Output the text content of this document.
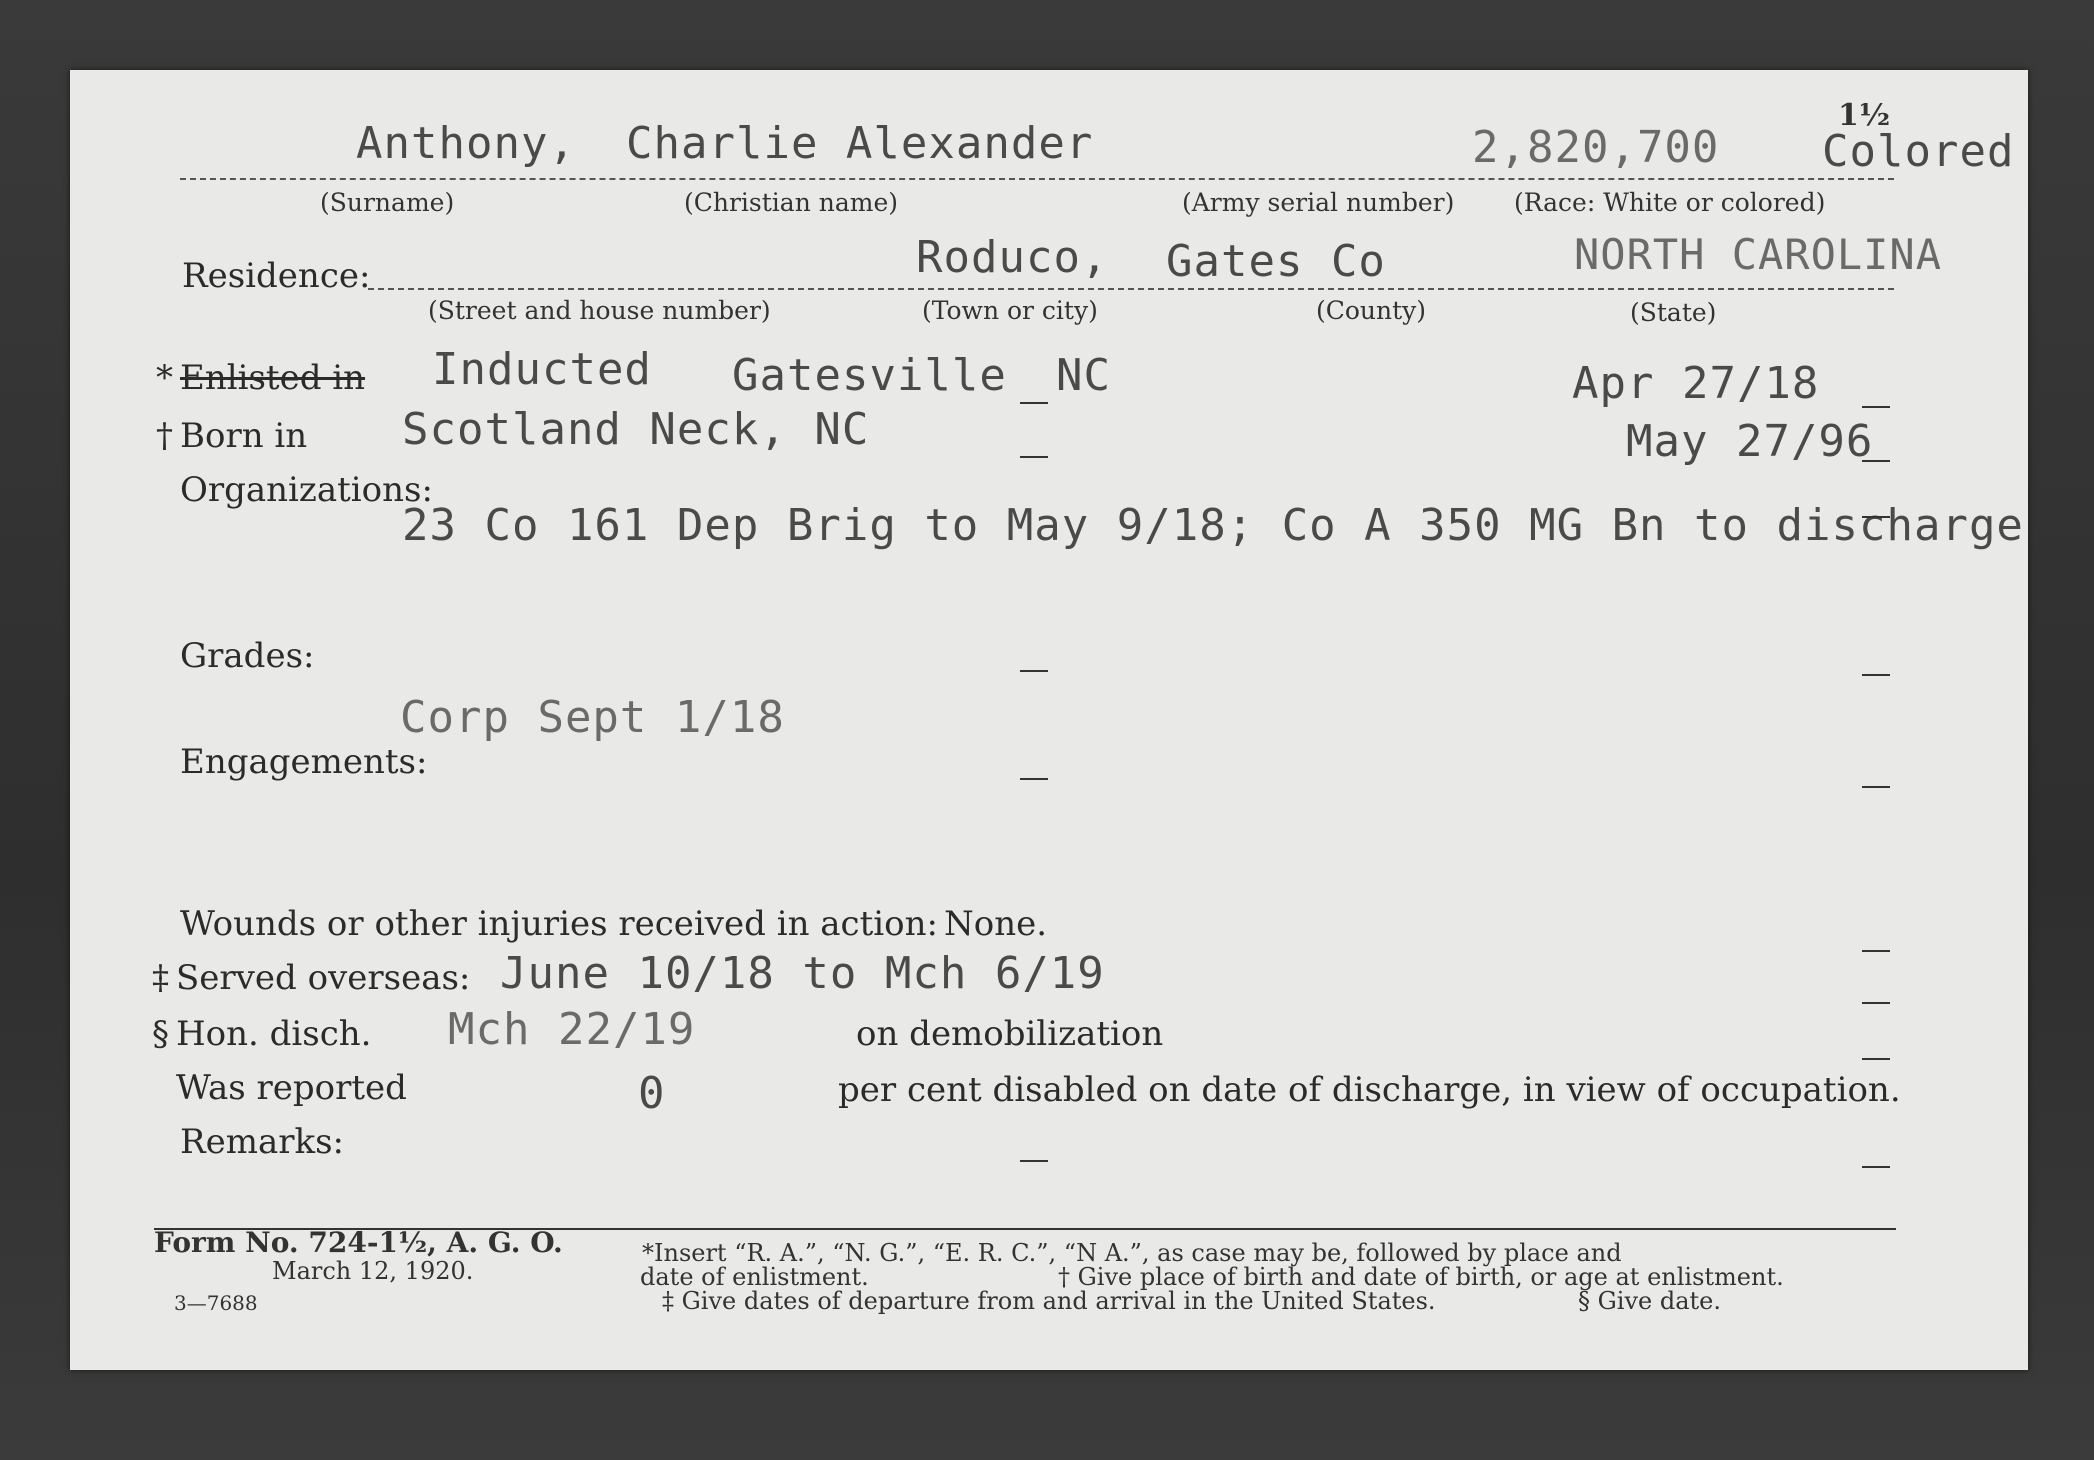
1½
Anthony, Charlie Alexander	2,820,700 Colored
(Surname)	(Christian name)	(Army serial number) (Race: White or colored)
Residence:	Roduco, Gates Co	NORTH CAROLINA
(Street and house number)	(Town or city)	(County)	(State)
* Enlisted in Inducted Gatesville NC	Apr 27/18
† Born in Scotland Neck, NC	May 27/96
Organizations:
23 Co 161 Dep Brig to May 9/18; Co A 350 MG Bn to discharge
Grades:
Corp Sept 1/18
Engagements:
Wounds or other injuries received in action: None.
‡ Served overseas: June 10/18 to Mch 6/19
§ Hon. disch. Mch 22/19	on demobilization
Was reported	0	per cent disabled on date of discharge, in view of occupation.
Remarks:
Form No. 724-1½, A. G. O.
March 12, 1920.
3—7688
*Insert “R. A.”, “N. G.”, “E. R. C.”, “N A.”, as case may be, followed by place and
date of enlistment.	† Give place of birth and date of birth, or age at enlistment.
‡ Give dates of departure from and arrival in the United States.	§ Give date.
